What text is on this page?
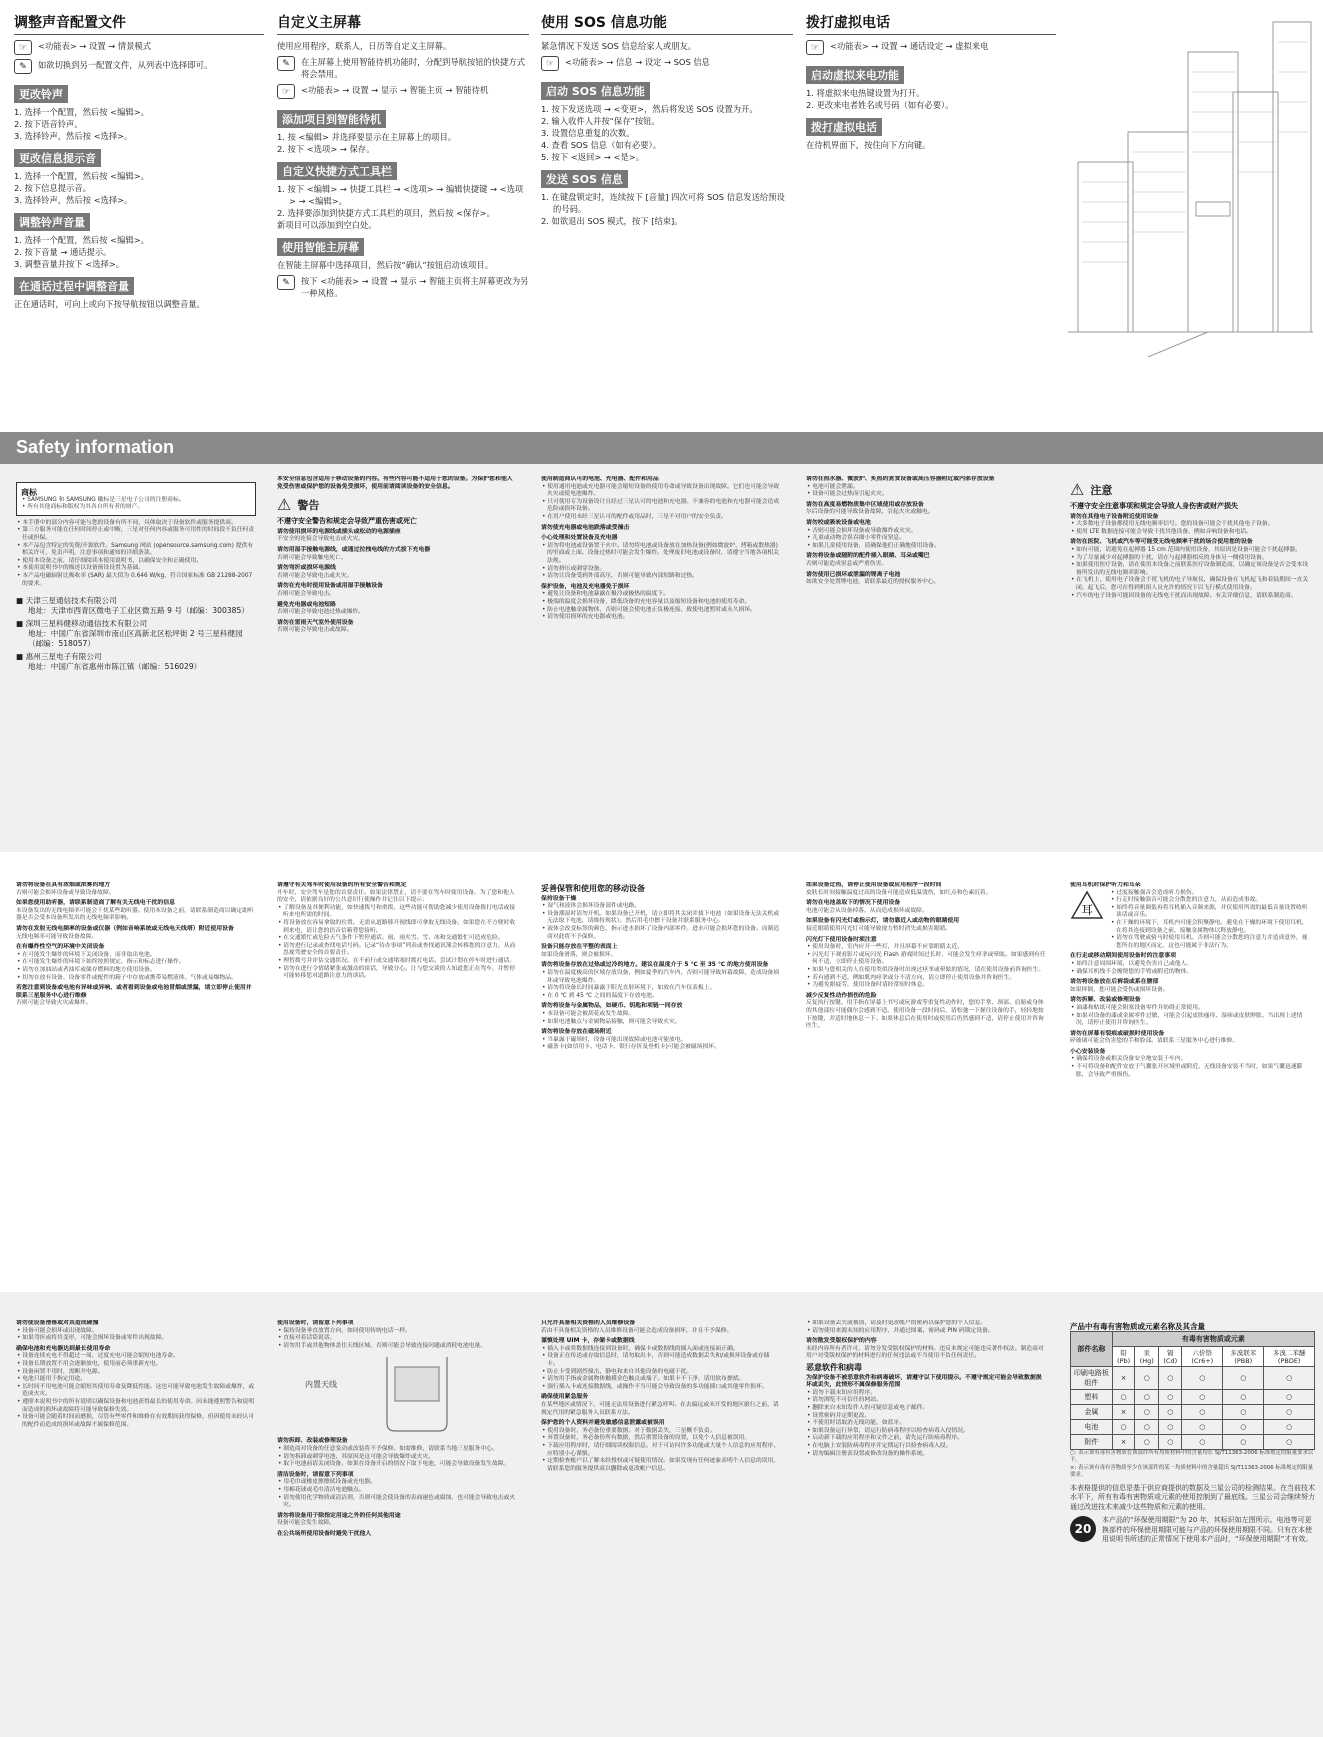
调整声音配置文件
☞	<功能表> → 设置 → 情景模式
✎	如欲切换到另一配置文件，从列表中选择即可。
更改铃声
1. 选择一个配置，然后按 <编辑>。
2. 按下语音铃声。
3. 选择铃声，然后按 <选择>。
更改信息提示音
1. 选择一个配置，然后按 <编辑>。
2. 按下信息提示音。
3. 选择铃声，然后按 <选择>。
调整铃声音量
1. 选择一个配置，然后按 <编辑>。
2. 按下音量 → 通话提示。
3. 调整音量并按下 <选择>。
在通话过程中调整音量
正在通话时，可向上或向下按导航按钮以调整音量。
自定义主屏幕
使用应用程序，联系人，日历等自定义主屏幕。
✎	在主屏幕上使用智能待机功能时，分配到导航按钮的快捷方式将会禁用。
☞	<功能表> → 设置 → 显示 → 智能主页 → 智能待机
添加项目到智能待机
1. 按 <编辑> 并选择要显示在主屏幕上的项目。
2. 按下 <选项> → 保存。
自定义快捷方式工具栏
1. 按下 <编辑> → 快捷工具栏 → <选项> → 编辑快捷键 → <选项> → <编辑>。
2. 选择要添加到快捷方式工具栏的项目，然后按 <保存>。
新项目可以添加到空白处。
使用智能主屏幕
在智能主屏幕中选择项目，然后按“确认”按钮启动该项目。
✎	按下 <功能表> → 设置 → 显示 → 智能主页将主屏幕更改为另一种风格。
使用 SOS 信息功能
紧急情况下发送 SOS 信息给家人或朋友。
☞	<功能表> → 信息 → 设定 → SOS 信息
启动 SOS 信息功能
1. 按下发送选项 → <变更>，然后将发送 SOS 设置为开。
2. 输入收件人并按“保存”按钮。
3. 设置信息重复的次数。
4. 查看 SOS 信息（如有必要）。
5. 按下 <返回> → <是>。
发送 SOS 信息
1. 在键盘锁定时，连续按下 [音量] 四次可将 SOS 信息发送给预设的号码。
2. 如欲退出 SOS 模式，按下 [结束]。
拨打虚拟电话
☞	<功能表> → 设置 → 通话设定 → 虚拟来电
启动虚拟来电功能
1. 将虚拟来电热键设置为打开。
2. 更改来电者姓名或号码（如有必要）。
拨打虚拟电话
在待机界面下，按住向下方向键。
Safety information
商标
• SAMSUNG 和 SAMSUNG 徽标是三星电子公司的注册商标。
• 所有其他商标和版权为其各自所有者的财产。
• 本手册中的部分内容可能与您的设备有所不同，具体取决于设备软件或服务提供商。
• 第三方服务可能在任何时间停止或中断，三星对任何内容或服务可用性的时间段不负任何责任或担保。
• 本产品包含特定的免费/开源软件。Samsung 网站 (opensource.samsung.com) 提供有相关许可，免责声明，注意事项和通知的详细条款。
• 使用本设备之前，请仔细阅读本使用说明书，以确保安全和正确使用。
• 本使用说明书中的描述以设备预设设置为基础。
• 本产品电磁辐射比吸收率 (SAR) 最大值为 0.646 W/kg，符合国家标准 GB 21288-2007 的要求。
■ 天津三星通信技术有限公司
地址：天津市西青区微电子工业区微五路 9 号（邮编：300385）
■ 深圳三星科健移动通信技术有限公司
地址：中国广东省深圳市南山区高新北区松坪街 2 号三星科健园（邮编：518057）
■ 惠州三星电子有限公司
地址：中国广东省惠州市陈江镇（邮编：516029）
本安全信息包含适用于移动设备的内容。有些内容可能不适用于您的设备。为保护您和他人免受伤害或保护您的设备免受损坏，使用前请阅读设备的安全信息。
⚠ 警告
不遵守安全警告和规定会导致严重伤害或死亡
请勿使用损坏的电源线或插头或松动的电源插座
不安全的连接会导致电击或火灾。
请勿用湿手接触电源线，或通过拉拽电线的方式拔下充电器
否则可能会导致触电死亡。
请勿弯折或损坏电源线
否则可能会导致电击或火灾。
请勿在充电时使用设备或用湿手接触设备
否则可能会导致电击。
避免充电器或电池短路
否则可能会导致电池过热或爆炸。
请勿在雷雨天气室外使用设备
否则可能会导致电击或故障。
使用制造商认可的电池、充电器、配件和用品
• 使用通用电池或充电器可能会缩短设备的使用寿命或导致设备出现故障。它们也可能会导致火灾或使电池爆炸。
• 只可使用专为设备设计且经过三星认可的电池和充电器。不兼容的电池和充电器可能会造成危险或损坏设备。
• 在用户使用未经三星认可的配件或用品时，三星不对用户的安全负责。
请勿使充电器或电池跌落或受撞击
小心处理和处置设备及充电器
• 请勿将电池或设备置于火中。请勿将电池或设备放在加热设备(例如微波炉、烤箱或散热器)的里面或上面。设备过热时可能会发生爆炸。处理废旧电池或设备时，请遵守当地各项相关法规。
• 请勿挤压或刺穿设备。
• 请勿让设备受到外部高压，否则可能导致内部短路和过热。
保护设备，电池及充电器免于损坏
• 避免让设备和电池暴露在极冷或极热的温度下。
• 极端的温度会损坏设备，降低设备的充电容量以及缩短设备和电池的使用寿命。
• 防止电池触金属物体，否则可能会使电池正负极连接，致使电池暂时或永久损坏。
• 请勿使用损坏的充电器或电池。
请勿在热水器、微波炉、炙热的煮食设备或高压容器附近或内部存放设备
• 电池可能会泄漏。
• 设备可能会过热而引起火灾。
请勿在高度易燃物质集中区域使用或存放设备
尔后设备的可能导致设备故障，引起火灾或触电。
请勿咬或吸吮设备或电池
• 否则可能会损坏设备或导致爆炸或火灾。
• 儿童或动物会误吞细小零件而窒息。
• 如果儿童使用设备，请确保他们正确地使用设备。
请勿将设备或随附的配件插入眼睛、耳朵或嘴巴
否则可能造成窒息或严重伤害。
请勿使用已损坏或泄漏的锂离子电池
如欲安全处置锂电池，请联系最近的授权服务中心。
⚠ 注意
不遵守安全注意事项和规定会导致人身伤害或财产损失
请勿在其他电子设备附近使用设备
• 大多数电子设备都使用无线电频率信号。您的设备可能会干扰其他电子设备。
• 使用 LTE 数据连接可能会导致干扰其他设备，例如音响设备和电话。
请勿在医院、飞机或汽车等可能受无线电频率干扰的场合使用您的设备
• 如有可能，请避免在起搏器 15 cm 范围内使用设备，其原因是设备可能会干扰起搏器。
• 为了尽量减少对起搏器的干扰，请在与起搏器相反的身体另一侧使用设备。
• 如果使用医疗设备，请在使用本设备之前联系医疗设备制造商，以确定该设备是否会受本设备所发出的无线电频率影响。
• 在飞机上，使用电子设备会干扰飞机的电子导航仪，确保设备在飞机起飞和着陆期间一直关闭。起飞后，您可在得到机组人员允许的情况下以飞行模式使用设备。
• 汽车的电子设备可能因设备的无线电干扰而出现故障。有关详细信息，请联系制造商。
请勿将设备在具有浓烟或浓雾的地方
否则可能会损坏设备或导致设备故障。
如果您使用助听器，请联系制造商了解有关无线电干扰的信息
本设备发出的无线电频率可能会干扰某些助听器。使用本设备之前，请联系制造商以确定助听器是否会受本设备所发出的无线电频率影响。
请勿在发射无线电频率的设备或仪器（例如音响系统或无线电天线塔）附近使用设备
无线电频率可能导致设备故障。
在有爆炸性空气的环境中关闭设备
• 在可能发生爆炸的环境下关闭设备，而非取出电池。
• 在可能发生爆炸的环境下始终按照规定、指示和标志进行操作。
• 请勿在加油站或者油库或储存燃料的地方使用设备。
• 切勿在放有设备、设备零件或配件的箱子中存放或携带易燃液体、气体或易爆物品。
若您注意到设备或电池有异味或异响、或者看到设备或电池冒烟或泄漏，请立即停止使用并联系三星服务中心进行维修
否则可能会导致火灾或爆炸。
请遵守有关驾车时使用设备的所有安全警告和规定
开车时，安全驾车是您的首要责任。如果法律禁止，请不要在驾车时使用设备。为了您和他人的安全，请依据良好的公共意识行使操作并记住以下提示：
• 了解设备及其便利功能，如快速拨号和重拨。这些功能可帮助您减少使用设备拨打电话或接听来电所需的时间。
• 将设备放在容易拿取的位置。无需从道路移开视线即可拿取无线设备。如果您在不方便时收到来电，请让您的语音信箱替您接听。
• 在交通繁忙或危险天气条件下暂停通话。雨、雨夹雪、雪、冰和交通繁忙可造成危险。
• 请勿进行记录或查找电话号码。记录“待办事项”列表或查找通讯簿会转移您的注意力，从而忽视驾驶安全的首要责任。
• 理智拨号并评估交通状况。在不前行或交通堵塞时拨打电话。尝试计划在停车时进行通话。
• 请勿在进行令情绪紧张或激动的谈话，导致分心。让与您交谈的人知道您正在驾车，并暂停可能转移您对道路注意力的谈话。
妥善保管和使用您的移动设备
保持设备干燥
• 湿气和液体会损坏设备部件或电路。
• 设备潮湿时请勿开机。如果设备已开机，请立即将其关闭并拔下电池（如果设备无法关机或无法取下电池，请维持现状）。然后用毛巾擦干设备并联系服务中心。
• 液体会改变标签的颜色，指示进水损坏了设备内部零件。进水可能会损坏您的设备。而制造商对此将不予保修。
设备只能存放在平整的表面上
如果设备滑落，则会被损坏。
请勿将设备存放在过热或过冷的地方。建议在温度介于 5 ℃ 至 35 ℃ 的地方使用设备
• 请勿在温度极高的区域存放设备，例如夏季的汽车内，否则可能导致屏幕故障，造成设备损坏或导致电池爆炸。
• 请勿将设备长时间暴露于阳光直射环境下，如放在汽车仪表板上。
• 在 0 ℃ 到 45 ℃ 之间的温度下存放电池。
请勿将设备与金属物品，如硬币、钥匙和项链一同存放
• 本设备可能会被刮花或发生故障。
• 如果电池触点与金属物品接触，则可能会导致火灾。
请勿将设备存放在磁场附近
• 当暴露于磁场时，设备可能出现故障或电池可能放电。
• 磁条卡(如信用卡、电话卡、银行存折及登机卡)可能会被磁场损坏。
如果设备过热，请停止使用设备或应用程序一段时间
皮肤长时间接触温度过高的设备可能造成低温烫伤，如红点和色素沉着。
请勿在电池盖取下的情况下使用设备
电池可能会从设备掉落，从而造成损坏或故障。
如果设备有闪光灯或指示灯，请勿靠近人或动物的眼睛使用
接近眼睛使用闪光灯可能导致视力暂时消失或损害眼睛。
闪光灯下使用设备时须注意
• 使用设备时，室内应开一些灯，并且屏幕不应靠眼睛太近。
• 闪光灯下观看影片或玩闪光 Flash 游戏时间过长时，可能会发生痉挛或晕眩。如果感到有任何不适，立即停止使用设备。
• 如果与您相关的人在使用类似设备时出现过痉挛或晕眩的情况，请在使用设备前咨询医生。
• 若有感到不适，例如肌肉痉挛或分不清方向，请立即停止使用设备并咨询医生。
• 为避免眼疲劳，使用设备时请经常短时休息。
减少反复性动作损伤的危险
反复执行按键、用手指在屏幕上书写或玩游戏等重复性动作时，您的手掌、颈部、肩膀或身体的其他部位可能偶尔会感到不适。使用设备一段时间后，请松弛一下握住设备的手，轻轻地按下按键，并适时地休息一下。如果休息后在使用时或使用后仍然感到不适，请停止使用并咨询医生。
使用耳机时保护听力和耳朵
耳
• 过度接触强音会造成听力损伤。
• 行走时接触强音可能会分散您的注意力，从而造成事故。
• 始终将音量调低再将耳机插入音频来源，并仅使用所需的最低音量设置收听谈话或音乐。
• 在干燥的环境下，耳机内可能会积聚静电。避免在干燥的环境下使用耳机，在将其连接到设备之前，接触金属物体以释放静电。
• 请勿在驾驶或骑马时使用耳机。否则可能会分散您的注意力并造成意外，视您所在的地区而定，这也可能属于非法行为。
在行走或移动期间使用设备时的注意事项
• 始终注意周围环境，以避免伤害自己或他人。
• 确保耳机线不会缠绕您的手臂或附近的物体。
请勿将设备放在后裤袋或系在腰部
如果摔倒，您可能会受伤或损坏设备。
请勿拆解、改装或修理设备
• 油漆和贴纸可能会阻塞设备零件并妨碍正常使用。
• 如果对设备的漆或金属零件过敏，可能会引起皮肤瘙痒、湿疹或皮肤肿胀。当出现上述情况，请停止使用并咨询医生。
请勿在屏幕有裂痕或破损时使用设备
碎玻璃可能会伤害您的手和脸部。请联系三星服务中心进行维修。
小心安装设备
• 确保将设备或相关设备安全地安装于车内。
• 不可将设备和配件安放于气囊张开区域里或附近。无线设备安装不当时，如果气囊迅速膨胀，会导致严重损伤。
请勿使设备滑落或对其造成碰撞
• 设备可能会损坏或出现故障。
• 如果弯折或将其变形，可能会损坏设备或零件出现故障。
确保电池和充电器达到最长使用寿命
• 设备连续充电不得超过一周，过度充电可能会缩短电池寿命。
• 设备长期放置不用会逐渐放电，使用前必须重新充电。
• 设备闲置不用时，需断开电源。
• 电池只能用于指定用途。
• 长时间不用电池可能会缩短其使用寿命及降低性能。这也可能导致电池发生故障或爆炸，或造成火灾。
• 遵照本说明书中的所有说明以确保设备和电池获得最长的使用寿命。因未能遵照警告和说明而造成的损坏或故障将可能导致保修失效。
• 设备可能会随着时间而磨损，尽管有些零件和维修在有效期间获得保修，但因使用未经认可的配件而造成的损坏或故障不属保修范围。
使用设备时，请留意下列事项
• 保持设备垂直放置方向，如同使用传统电话一样。
• 直接对着话筒说话。
• 请勿用手或其他物体盖住天线区域，否则可能会导致连接问题或消耗电池电量。
内置天线
请勿拆卸、改装或修理设备
• 制造商对设备的任意变动或改装将不予保修。如需维修，请联系当地三星服务中心。
• 请勿拆卸或刺穿电池，其原因是这可能会导致爆炸或火灾。
• 取下电池前请关闭设备。如果在设备开启的情况下取下电池，可能会导致设备发生故障。
清洁设备时，请留意下列事项
• 用毛巾或橡皮擦擦拭设备或充电器。
• 用棉花球或毛巾清洁电池触点。
• 请勿使用化学物质或清洁剂，否则可能会使设备的表面褪色或腐蚀，也可能会导致电击或火灾。
请勿将设备用于除指定用途之外的任何其他用途
设备可能会发生故障。
在公共场所使用设备时避免干扰他人
只允许具备相关资格的人员维修设备
若由不具备相关资格的人员维修设备可能会造成设备损坏，并且不予保修。
谨慎处理 UIM 卡，存储卡或数据线
• 插入卡或将数据线连接到设备时，确保卡或数据线的插入面或连接面正确。
• 设备正在传送或存取信息时，请勿取出卡，否则可能造成数据丢失和/或损坏设备或存储卡。
• 防止卡受到剧烈撞击、静电和来自其他设备的电磁干扰。
• 请勿用手指或金属物体触摸金色触点或端子。如果卡不干净，请用软布擦拭。
• 强行插入卡或连接数据线，或操作不当可能会导致设备的多功能插口或其他零件损坏。
确保使用紧急服务
在某些地区或情况下，可能无法用设备进行紧急呼叫。在去偏远或未开发的地区旅行之前，请规定代用的紧急服务人员联系方法。
保护您的个人资料并避免敏感信息泄露或被误用
• 使用设备时，务必备份重要数据。对于数据丢失，三星概不负责。
• 弃置设备时，务必备份所有数据，然后重置设备的设置，以免个人信息被误用。
• 下载应用程序时，请仔细阅读权限信息。对于可访问许多功能或大量个人信息的应用程序，应特别小心谨慎。
• 定期检查帐户以了解未经授权或可疑使用情况。如果发现有任何迹象表明个人信息的误用，请联系您的服务提供商以删除或更改帐户信息。
• 如果设备丢失或被盗，请及时更改帐户的密码以保护您的个人信息。
• 请勿使用来源未知的应用程序，并通过图案、密码或 PIN 码锁定设备。
请勿散发受版权保护的内容
未经内容所有者许可，请勿分发受版权保护的材料。违反本规定可能违反著作权法。制造商对用户对受版权保护的材料进行的任何违法或不当使用不负任何责任。
恶意软件和病毒
为保护设备不被恶意软件和病毒破坏，请遵守以下使用提示。不遵守规定可能会导致数据损坏或丢失，此情形不属保修服务范围
• 请勿下载未知应用程序。
• 请勿浏览不可信任的网站。
• 删除来自未知发件人的可疑信息或电子邮件。
• 设置密码并定期更改。
• 不使用时请取消无线功能，如蓝牙。
• 如果设备运行异常，请运行防病毒程序以检查病毒入侵情况。
• 启动新下载的应用程序和文件之前，请先运行防病毒程序。
• 在电脑上安装防病毒程序并定期运行以检查病毒入侵。
• 请勿编辑注册表设置或修改设备的操作系统。
产品中有毒有害物质或元素名称及其含量
部件名称	有毒有害物质或元素					
	铅(Pb)	汞(Hg)	镉(Cd)	六价铬(Cr6+)	多溴联苯(PBB)	多溴二苯醚(PBDE)
印刷电路板组件	×	○	○	○	○	○
塑料	○	○	○	○	○	○
金属	×	○	○	○	○	○
电池	○	○	○	○	○	○
附件	×	○	○	○	○	○
○: 表示该有毒有害物质在该部件所有均质材料中的含量均在 SJ/T11363-2006 标准规定的限量要求以下。
×: 表示该有毒有害物质至少在该部件的某一均质材料中的含量超出 SJ/T11363-2006 标准规定的限量要求。
本表格提供的信息是基于供应商提供的数据及三星公司的检测结果。在当前技术水平下，所有有毒有害物质或元素的使用控制到了最底线。三星公司会继续努力通过改进技术来减少这些物质和元素的使用。
20
本产品的“环保使用期限”为 20 年，其标识如左图所示。电池等可更换部件的环保使用期限可能与产品的环保使用期限不同。只有在本使用说明书所述的正常情况下使用本产品时，“环保使用期限”才有效。
